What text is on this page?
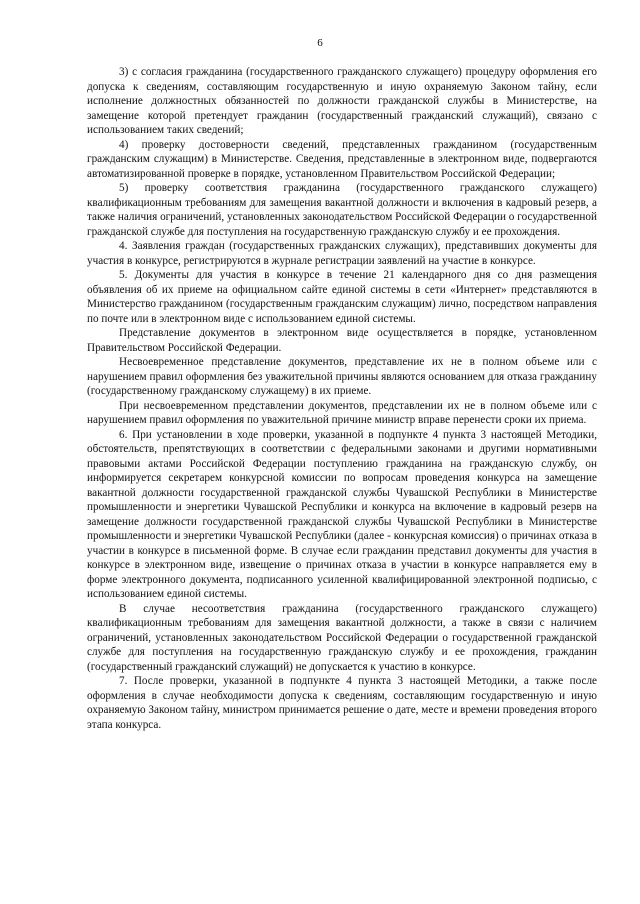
6

3) с согласия гражданина (государственного гражданского служащего) процедуру оформления его допуска к сведениям, составляющим государственную и иную охраняемую Законом тайну, если исполнение должностных обязанностей по должности гражданской службы в Министерстве, на замещение которой претендует гражданин (государственный гражданский служащий), связано с использованием таких сведений;

4) проверку достоверности сведений, представленных гражданином (государственным гражданским служащим) в Министерстве. Сведения, представленные в электронном виде, подвергаются автоматизированной проверке в порядке, установленном Правительством Российской Федерации;

5) проверку соответствия гражданина (государственного гражданского служащего) квалификационным требованиям для замещения вакантной должности и включения в кадровый резерв, а также наличия ограничений, установленных законодательством Российской Федерации о государственной гражданской службе для поступления на государственную гражданскую службу и ее прохождения.

4. Заявления граждан (государственных гражданских служащих), представивших документы для участия в конкурсе, регистрируются в журнале регистрации заявлений на участие в конкурсе.

5. Документы для участия в конкурсе в течение 21 календарного дня со дня размещения объявления об их приеме на официальном сайте единой системы в сети «Интернет» представляются в Министерство гражданином (государственным гражданским служащим) лично, посредством направления по почте или в электронном виде с использованием единой системы.

Представление документов в электронном виде осуществляется в порядке, установленном Правительством Российской Федерации.

Несвоевременное представление документов, представление их не в полном объеме или с нарушением правил оформления без уважительной причины являются основанием для отказа гражданину (государственному гражданскому служащему) в их приеме.

При несвоевременном представлении документов, представлении их не в полном объеме или с нарушением правил оформления по уважительной причине министр вправе перенести сроки их приема.

6. При установлении в ходе проверки, указанной в подпункте 4 пункта 3 настоящей Методики, обстоятельств, препятствующих в соответствии с федеральными законами и другими нормативными правовыми актами Российской Федерации поступлению гражданина на гражданскую службу, он информируется секретарем конкурсной комиссии по вопросам проведения конкурса на замещение вакантной должности государственной гражданской службы Чувашской Республики в Министерстве промышленности и энергетики Чувашской Республики и конкурса на включение в кадровый резерв на замещение должности государственной гражданской службы Чувашской Республики в Министерстве промышленности и энергетики Чувашской Республики (далее - конкурсная комиссия) о причинах отказа в участии в конкурсе в письменной форме. В случае если гражданин представил документы для участия в конкурсе в электронном виде, извещение о причинах отказа в участии в конкурсе направляется ему в форме электронного документа, подписанного усиленной квалифицированной электронной подписью, с использованием единой системы.

В случае несоответствия гражданина (государственного гражданского служащего) квалификационным требованиям для замещения вакантной должности, а также в связи с наличием ограничений, установленных законодательством Российской Федерации о государственной гражданской службе для поступления на государственную гражданскую службу и ее прохождения, гражданин (государственный гражданский служащий) не допускается к участию в конкурсе.

7. После проверки, указанной в подпункте 4 пункта 3 настоящей Методики, а также после оформления в случае необходимости допуска к сведениям, составляющим государственную и иную охраняемую Законом тайну, министром принимается решение о дате, месте и времени проведения второго этапа конкурса.
